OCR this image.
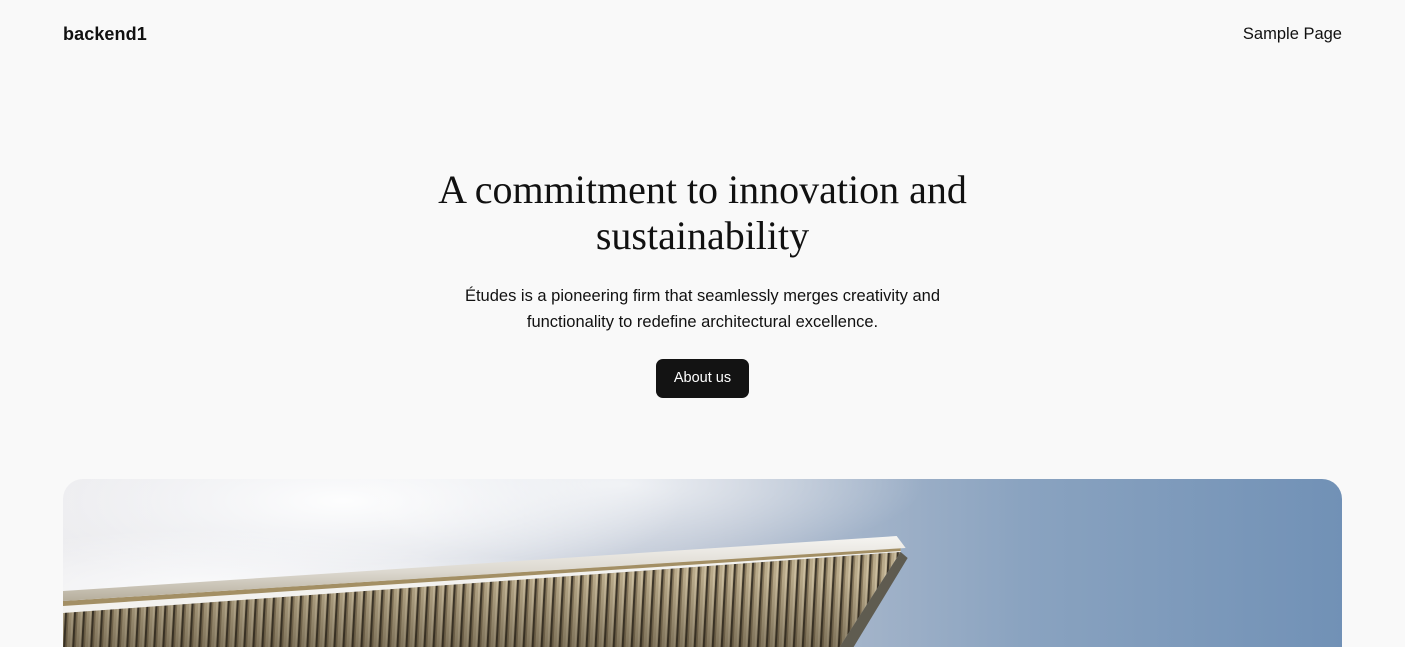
backend1	Sample Page
A commitment to innovation and sustainability

Études is a pioneering firm that seamlessly merges creativity and functionality to redefine architectural excellence.

About us
